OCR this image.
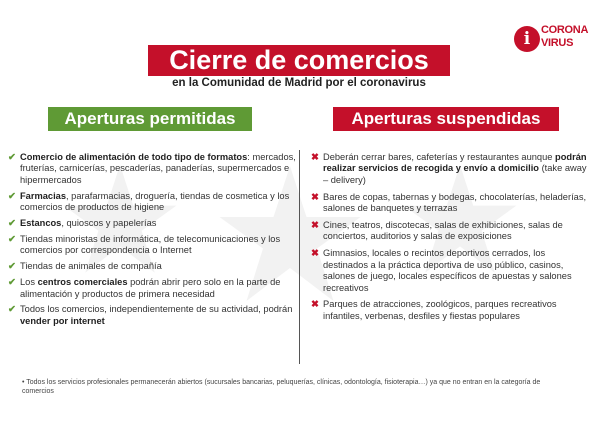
i CORONA
VIRUS
Cierre de comercios
en la Comunidad de Madrid por el coronavirus
Aperturas permitidas	Aperturas suspendidas
✔ Comercio de alimentación de todo tipo de formatos: mercados, fruterías, carnicerías, pescaderías, panaderías, supermercados e hipermercados
✔ Farmacias, parafarmacias, droguería, tiendas de cosmetica y los comercios de productos de higiene
✔ Estancos, quioscos y papelerías
✔ Tiendas minoristas de informática, de telecomunicaciones y los comercios por correspondencia o Internet
✔ Tiendas de animales de compañía
✔ Los centros comerciales podrán abrir pero solo en la parte de alimentación y productos de primera necesidad
✔ Todos los comercios, independientemente de su actividad, podrán vender por internet
✖ Deberán cerrar bares, cafeterías y restaurantes aunque podrán realizar servicios de recogida y envío a domicilio (take away – delivery)
✖ Bares de copas, tabernas y bodegas, chocolaterías, heladerías, salones de banquetes y terrazas
✖ Cines, teatros, discotecas, salas de exhibiciones, salas de conciertos, auditorios y salas de exposiciones
✖ Gimnasios, locales o recintos deportivos cerrados, los destinados a la práctica deportiva de uso público, casinos, salones de juego, locales específicos de apuestas y salones recreativos
✖ Parques de atracciones, zoológicos, parques recreativos infantiles, verbenas, desfiles y fiestas populares
• Todos los servicios profesionales permanecerán abiertos (sucursales bancarias, peluquerías, clínicas, odontología, fisioterapia…) ya que no entran en la categoría de comercios
